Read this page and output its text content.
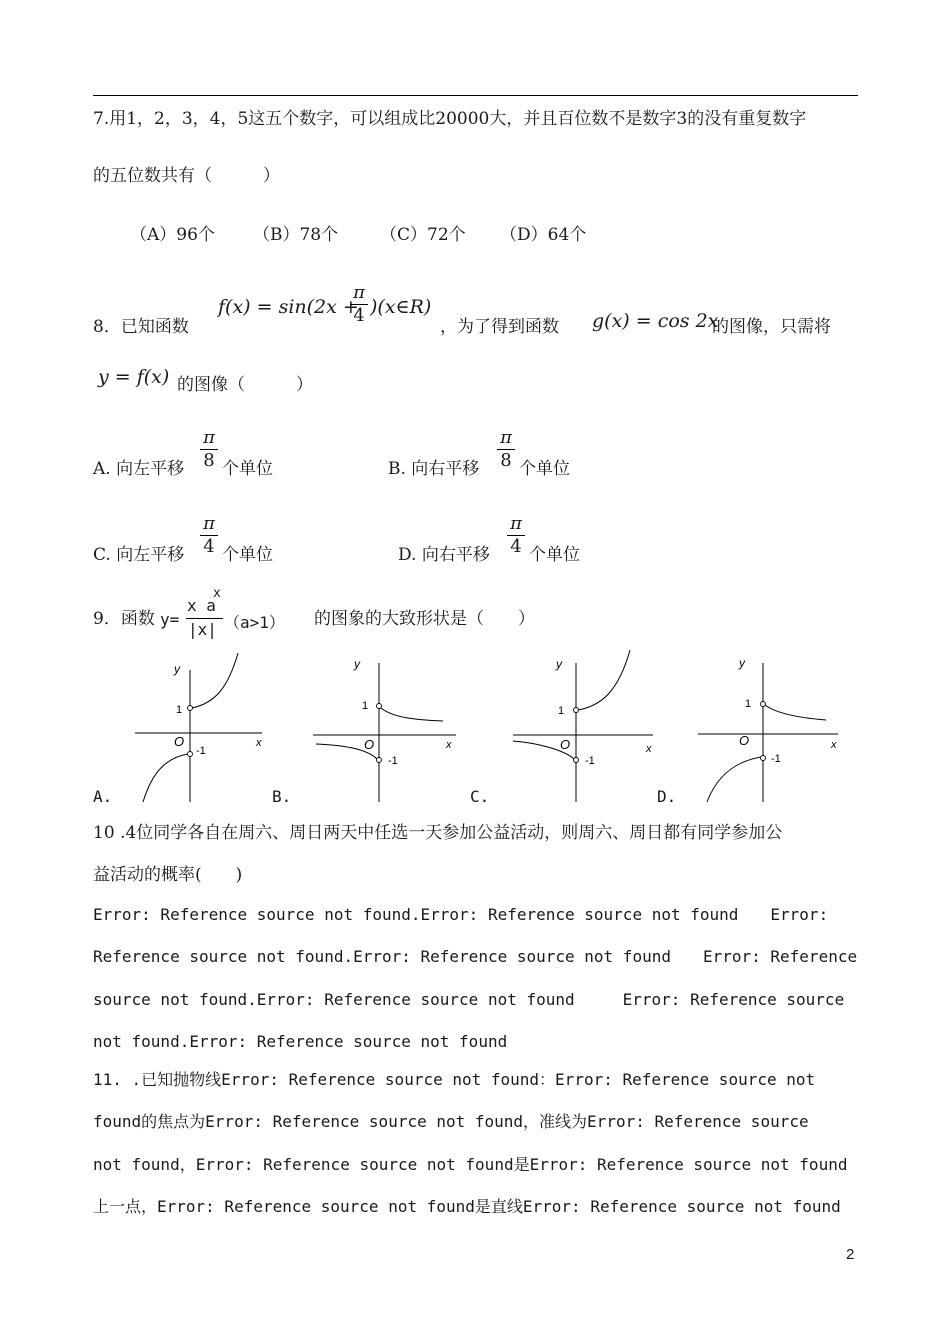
7.用1，2，3，4，5这五个数字，可以组成比20000大，并且百位数不是数字3的没有重复数字
的五位数共有（　　　）
（A）96个 （B）78个 （C）72个 （D）64个
8．已知函数
f(x) = sin(2x +
π
4 )(x∈R)
，为了得到函数 g(x) = cos 2x
的图像，只需将
y = f(x) 的图像（　　　）
A. 向左平移
π
8 个单位	B. 向右平移
π
8 个单位
C. 向左平移
π
4 个单位	D. 向右平移
π
4 个单位
9．函数 y=
x a
x
|x| （a>1） 的图象的大致形状是（　　）
y
x
O
1
-1
A.
y
x
O
1
-1
B.
y
x
O
1
-1
C.
y
x
O
1
-1
D.
10 .4位同学各自在周六、周日两天中任选一天参加公益活动，则周六、周日都有同学参加公
益活动的概率(　　)
Error: Reference source not found.Error: Reference source not found　　Error:
Reference source not found.Error: Reference source not found　　Error: Reference
source not found.Error: Reference source not found　　　Error: Reference source
not found.Error: Reference source not found
11. .已知抛物线Error: Reference source not found：Error: Reference source not
found的焦点为Error: Reference source not found，准线为Error: Reference source
not found，Error: Reference source not found是Error: Reference source not found
上一点，Error: Reference source not found是直线Error: Reference source not found
2
